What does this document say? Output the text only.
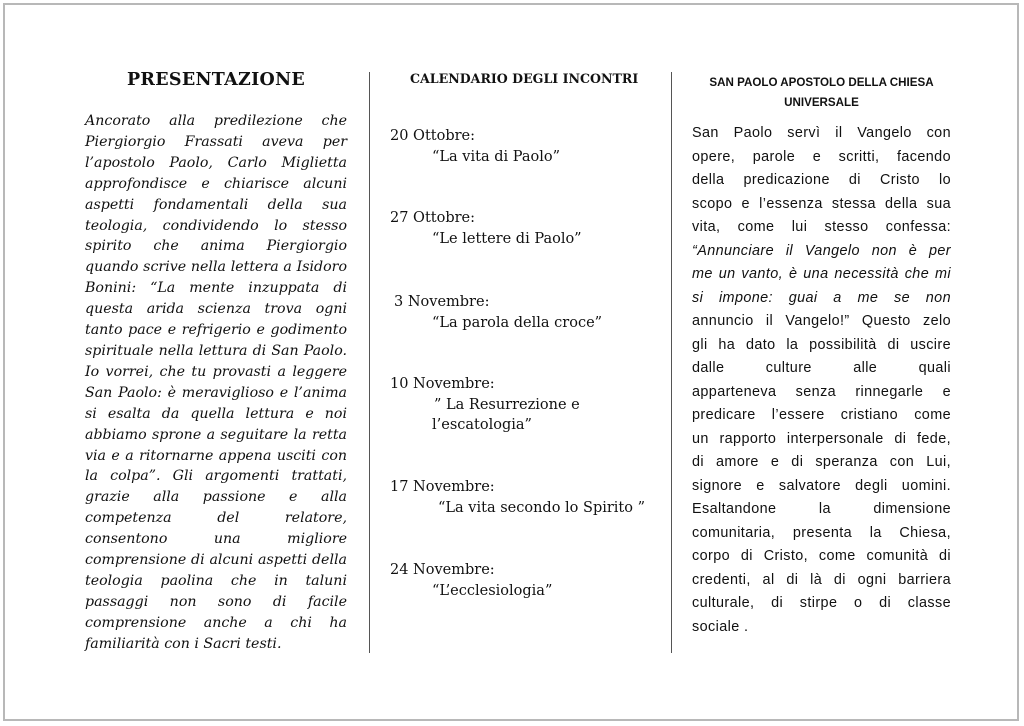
PRESENTAZIONE
Ancorato alla predilezione che
Piergiorgio Frassati aveva per
l’apostolo Paolo, Carlo Miglietta
approfondisce e chiarisce alcuni
aspetti fondamentali della sua
teologia, condividendo lo stesso
spirito che anima Piergiorgio
quando scrive nella lettera a Isidoro
Bonini: “La mente inzuppata di
questa arida scienza trova ogni
tanto pace e refrigerio e godimento
spirituale nella lettura di San Paolo.
Io vorrei, che tu provasti a leggere
San Paolo: è meraviglioso e l’anima
si esalta da quella lettura e noi
abbiamo sprone a seguitare la retta
via e a ritornarne appena usciti con
la colpa”. Gli argomenti trattati,
grazie alla passione e alla
competenza del relatore,
consentono una migliore
comprensione di alcuni aspetti della
teologia paolina che in taluni
passaggi non sono di facile
comprensione anche a chi ha
familiarità con i Sacri testi.
CALENDARIO DEGLI INCONTRI
20 Ottobre:
“La vita di Paolo”
27 Ottobre:
“Le lettere di Paolo”
3 Novembre:
“La parola della croce”
10 Novembre:
” La Resurrezione e
l’escatologia”
17 Novembre:
“La vita secondo lo Spirito ”
24 Novembre:
“L’ecclesiologia”
SAN PAOLO APOSTOLO DELLA CHIESA
UNIVERSALE
San Paolo servì il Vangelo con
opere, parole e scritti, facendo
della predicazione di Cristo lo
scopo e l’essenza stessa della sua
vita, come lui stesso confessa:
“Annunciare il Vangelo non è per
me un vanto, è una necessità che mi
si impone: guai a me se non
annuncio il Vangelo!” Questo zelo
gli ha dato la possibilità di uscire
dalle culture alle quali
apparteneva senza rinnegarle e
predicare l’essere cristiano come
un rapporto interpersonale di fede,
di amore e di speranza con Lui,
signore e salvatore degli uomini.
Esaltandone la dimensione
comunitaria, presenta la Chiesa,
corpo di Cristo, come comunità di
credenti, al di là di ogni barriera
culturale, di stirpe o di classe
sociale .
